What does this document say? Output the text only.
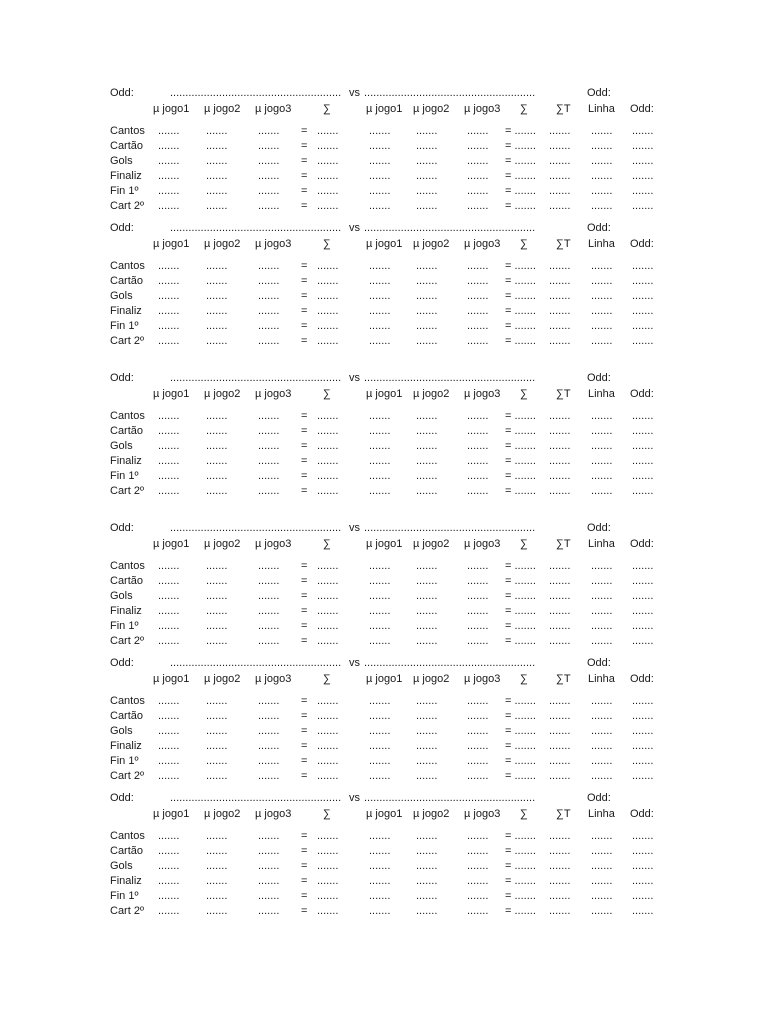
Odd:	........................................................ vs ........................................................	Odd:
µ jogo1 µ jogo2 µ jogo3	∑	µ jogo1 µ jogo2 µ jogo3 ∑	∑T Linha Odd:
Cantos ....... .......	....... = .......	....... .......	....... = ....... ....... ....... .......
Cartão ....... .......	....... = .......	....... .......	....... = ....... ....... ....... .......
Gols ....... .......	....... = .......	....... .......	....... = ....... ....... ....... .......
Finaliz ....... .......	....... = .......	....... .......	....... = ....... ....... ....... .......
Fin 1º ....... .......	....... = .......	....... .......	....... = ....... ....... ....... .......
Cart 2º ....... .......	....... = .......	....... .......	....... = ....... ....... ....... .......
Odd:	........................................................ vs ........................................................	Odd:
µ jogo1 µ jogo2 µ jogo3	∑	µ jogo1 µ jogo2 µ jogo3 ∑	∑T Linha Odd:
Cantos ....... .......	....... = .......	....... .......	....... = ....... ....... ....... .......
Cartão ....... .......	....... = .......	....... .......	....... = ....... ....... ....... .......
Gols ....... .......	....... = .......	....... .......	....... = ....... ....... ....... .......
Finaliz ....... .......	....... = .......	....... .......	....... = ....... ....... ....... .......
Fin 1º ....... .......	....... = .......	....... .......	....... = ....... ....... ....... .......
Cart 2º ....... .......	....... = .......	....... .......	....... = ....... ....... ....... .......
Odd:	........................................................ vs ........................................................	Odd:
µ jogo1 µ jogo2 µ jogo3	∑	µ jogo1 µ jogo2 µ jogo3 ∑	∑T Linha Odd:
Cantos ....... .......	....... = .......	....... .......	....... = ....... ....... ....... .......
Cartão ....... .......	....... = .......	....... .......	....... = ....... ....... ....... .......
Gols ....... .......	....... = .......	....... .......	....... = ....... ....... ....... .......
Finaliz ....... .......	....... = .......	....... .......	....... = ....... ....... ....... .......
Fin 1º ....... .......	....... = .......	....... .......	....... = ....... ....... ....... .......
Cart 2º ....... .......	....... = .......	....... .......	....... = ....... ....... ....... .......
Odd:	........................................................ vs ........................................................	Odd:
µ jogo1 µ jogo2 µ jogo3	∑	µ jogo1 µ jogo2 µ jogo3 ∑	∑T Linha Odd:
Cantos ....... .......	....... = .......	....... .......	....... = ....... ....... ....... .......
Cartão ....... .......	....... = .......	....... .......	....... = ....... ....... ....... .......
Gols ....... .......	....... = .......	....... .......	....... = ....... ....... ....... .......
Finaliz ....... .......	....... = .......	....... .......	....... = ....... ....... ....... .......
Fin 1º ....... .......	....... = .......	....... .......	....... = ....... ....... ....... .......
Cart 2º ....... .......	....... = .......	....... .......	....... = ....... ....... ....... .......
Odd:	........................................................ vs ........................................................	Odd:
µ jogo1 µ jogo2 µ jogo3	∑	µ jogo1 µ jogo2 µ jogo3 ∑	∑T Linha Odd:
Cantos ....... .......	....... = .......	....... .......	....... = ....... ....... ....... .......
Cartão ....... .......	....... = .......	....... .......	....... = ....... ....... ....... .......
Gols ....... .......	....... = .......	....... .......	....... = ....... ....... ....... .......
Finaliz ....... .......	....... = .......	....... .......	....... = ....... ....... ....... .......
Fin 1º ....... .......	....... = .......	....... .......	....... = ....... ....... ....... .......
Cart 2º ....... .......	....... = .......	....... .......	....... = ....... ....... ....... .......
Odd:	........................................................ vs ........................................................	Odd:
µ jogo1 µ jogo2 µ jogo3	∑	µ jogo1 µ jogo2 µ jogo3 ∑	∑T Linha Odd:
Cantos ....... .......	....... = .......	....... .......	....... = ....... ....... ....... .......
Cartão ....... .......	....... = .......	....... .......	....... = ....... ....... ....... .......
Gols ....... .......	....... = .......	....... .......	....... = ....... ....... ....... .......
Finaliz ....... .......	....... = .......	....... .......	....... = ....... ....... ....... .......
Fin 1º ....... .......	....... = .......	....... .......	....... = ....... ....... ....... .......
Cart 2º ....... .......	....... = .......	....... .......	....... = ....... ....... ....... .......
